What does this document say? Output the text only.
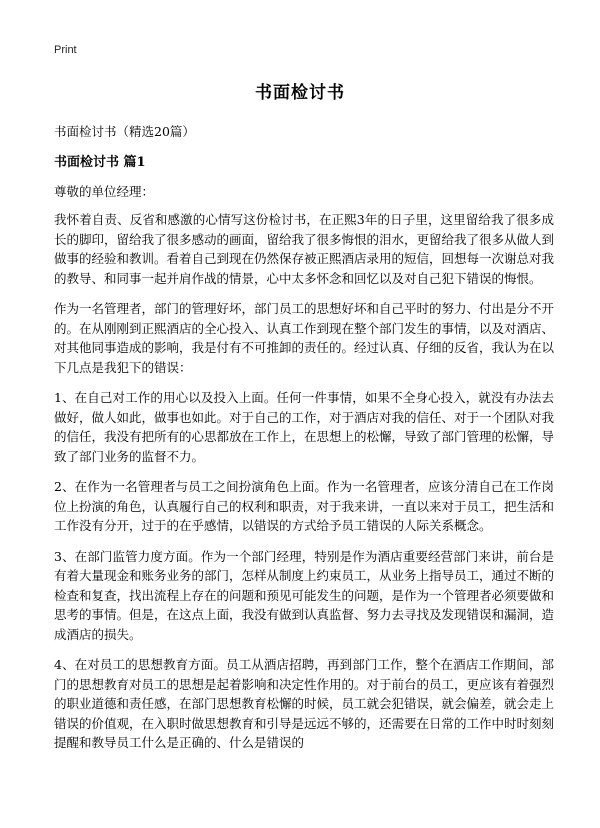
Print
书面检讨书
书面检讨书（精选20篇）
书面检讨书 篇1
尊敬的单位经理：

我怀着自责、反省和感激的心情写这份检讨书，在正熙3年的日子里，这里留给我了很多成长的脚印，留给我了很多感动的画面，留给我了很多悔恨的泪水，更留给我了很多从做人到做事的经验和教训。看着自己到现在仍然保存被正熙酒店录用的短信，回想每一次谢总对我的教导、和同事一起并肩作战的情景，心中太多怀念和回忆以及对自己犯下错误的悔恨。

作为一名管理者，部门的管理好坏，部门员工的思想好坏和自己平时的努力、付出是分不开的。在从刚刚到正熙酒店的全心投入、认真工作到现在整个部门发生的事情，以及对酒店、对其他同事造成的影响，我是付有不可推卸的责任的。经过认真、仔细的反省，我认为在以下几点是我犯下的错误：

1、在自己对工作的用心以及投入上面。任何一件事情，如果不全身心投入，就没有办法去做好，做人如此，做事也如此。对于自己的工作，对于酒店对我的信任、对于一个团队对我的信任，我没有把所有的心思都放在工作上，在思想上的松懈，导致了部门管理的松懈，导致了部门业务的监督不力。

2、在作为一名管理者与员工之间扮演角色上面。作为一名管理者，应该分清自己在工作岗位上扮演的角色，认真履行自己的权利和职责，对于我来讲，一直以来对于员工，把生活和工作没有分开，过于的在乎感情，以错误的方式给予员工错误的人际关系概念。

3、在部门监管力度方面。作为一个部门经理，特别是作为酒店重要经营部门来讲，前台是有着大量现金和账务业务的部门，怎样从制度上约束员工，从业务上指导员工，通过不断的检查和复查，找出流程上存在的问题和预见可能发生的问题，是作为一个管理者必须要做和思考的事情。但是，在这点上面，我没有做到认真监督、努力去寻找及发现错误和漏洞，造成酒店的损失。

4、在对员工的思想教育方面。员工从酒店招聘，再到部门工作，整个在酒店工作期间，部门的思想教育对员工的思想是起着影响和决定性作用的。对于前台的员工，更应该有着强烈的职业道德和责任感，在部门思想教育松懈的时候，员工就会犯错误，就会偏差，就会走上错误的价值观，在入职时做思想教育和引导是远远不够的，还需要在日常的工作中时时刻刻提醒和教导员工什么是正确的、什么是错误的
